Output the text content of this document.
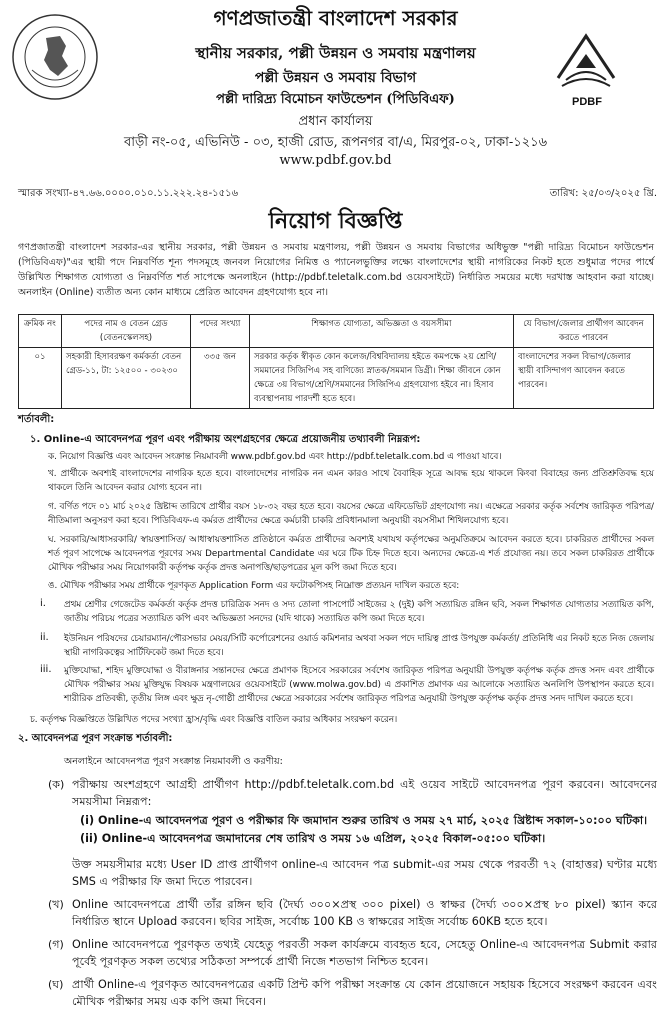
গণপ্রজাতন্ত্রী বাংলাদেশ সরকার
স্থানীয় সরকার, পল্লী উন্নয়ন ও সমবায় মন্ত্রণালয়
পল্লী উন্নয়ন ও সমবায় বিভাগ
পল্লী দারিদ্র্য বিমোচন ফাউন্ডেশন (পিডিবিএফ)
প্রধান কার্যালয়
বাড়ী নং-০৫, এভিনিউ - ০৩, হাজী রোড, রূপনগর বা/এ, মিরপুর-০২, ঢাকা-১২১৬
www.pdbf.gov.bd
PDBF
স্মারক সংখ্যা-৪৭.৬৬.০০০০.০১০.১১.২২২.২৪-১৫১৬	তারিখ: ২৫/০৩/২০২৫ খ্রি.
নিয়োগ বিজ্ঞপ্তি
গণপ্রজাতন্ত্রী বাংলাদেশ সরকার-এর স্থানীয় সরকার, পল্লী উন্নয়ন ও সমবায় মন্ত্রণালয়, পল্লী উন্নয়ন ও সমবায় বিভাগের অধিভুক্ত "পল্লী দারিদ্র্য বিমোচন ফাউন্ডেশন (পিডিবিএফ)"এর স্থায়ী পদে নিম্নবর্ণিত শূন্য পদসমূহে জনবল নিয়োগের নিমিত্ত ও প্যানেলভুক্তির লক্ষ্যে বাংলাদেশের স্থায়ী নাগরিকের নিকট হতে শুধুমাত্র পদের পার্শ্বে উল্লিখিত শিক্ষাগত যোগ্যতা ও নিম্নবর্ণিত শর্ত সাপেক্ষে অনলাইনে (http://pdbf.teletalk.com.bd ওয়েবসাইটে) নির্ধারিত সময়ের মধ্যে দরখাস্ত আহবান করা যাচ্ছে। অনলাইন (Online) ব্যতীত অন্য কোন মাধ্যমে প্রেরিত আবেদন গ্রহণযোগ্য হবে না।
ক্রমিক নং	পদের নাম ও বেতন গ্রেড (বেতনস্কেলসহ)	পদের সংখ্যা	শিক্ষাগত যোগ্যতা, অভিজ্ঞতা ও বয়সসীমা	যে বিভাগ/জেলার প্রার্থীগণ আবেদন করতে পারবেন
০১	সহকারী হিসাবরক্ষণ কর্মকর্তা বেতন গ্রেড-১১, টা: ১২৫০০ - ৩০২৩০	৩৩৫ জন	সরকার কর্তৃক স্বীকৃত কোন কলেজ/বিশ্ববিদ্যালয় হইতে কমপক্ষে ২য় শ্রেণি/সমমানের সিজিপিএ সহ বাণিজ্যে স্নাতক/সমমান ডিগ্রী। শিক্ষা জীবনে কোন ক্ষেত্রে ৩য় বিভাগ/শ্রেণি/সমমানের সিজিপিএ গ্রহণযোগ্য হইবে না। হিসাব ব্যবস্থাপনায় পারদর্শী হতে হবে।	বাংলাদেশের সকল বিভাগ/জেলার স্থায়ী বাসিন্দাগণ আবেদন করতে পারবেন।
শর্তাবলী:
১. Online-এ আবেদনপত্র পূরণ এবং পরীক্ষায় অংশগ্রহণের ক্ষেত্রে প্রয়োজনীয় তথ্যাবলী নিম্নরূপ:
ক. নিয়োগ বিজ্ঞপ্তি এবং আবেদন সংক্রান্ত নিয়মাবলী www.pdbf.gov.bd এবং http://pdbf.teletalk.com.bd এ পাওয়া যাবে।
খ. প্রার্থীকে অবশ্যই বাংলাদেশের নাগরিক হতে হবে। বাংলাদেশের নাগরিক নন এমন কারও সাথে বৈবাহিক সূত্রে আবদ্ধ হয়ে থাকলে কিংবা বিবাহের জন্য প্রতিশ্রুতিবদ্ধ হয়ে থাকলে তিনি আবেদন করার যোগ্য হবেন না।
গ. বর্ণিত পদে ০১ মার্চ ২০২৫ খ্রিষ্টাব্দ তারিখে প্রার্থীর বয়স ১৮-৩২ বছর হতে হবে। বয়সের ক্ষেত্রে এফিডেভিট গ্রহণযোগ্য নয়। এক্ষেত্রে সরকার কর্তৃক সর্বশেষ জারিকৃত পরিপত্র/ নীতিমালা অনুসরণ করা হবে। পিডিবিএফ-এ কর্মরত প্রার্থীদের ক্ষেত্রে কর্মচারী চাকরি প্রবিধানমালা অনুযায়ী বয়সসীমা শিথিলযোগ্য হবে।
ঘ. সরকারি/আধাসরকারি/ স্বায়ত্তশাসিত/ আধাস্বায়ত্তশাসিত প্রতিষ্ঠানে কর্মরত প্রার্থীদের অবশ্যই যথাযথ কর্তৃপক্ষের অনুমতিক্রমে আবেদন করতে হবে। চাকরিরত প্রার্থীদের সকল শর্ত পূরণ সাপেক্ষে আবেদনপত্র পূরণের সময় Departmental Candidate এর ঘরে টিক চিহ্ন দিতে হবে। অন্যদের ক্ষেত্রে-এ শর্ত প্রযোজ্য নয়। তবে সকল চাকরিরত প্রার্থীকে মৌখিক পরীক্ষার সময় নিয়োগকারী কর্তৃপক্ষ কর্তৃক প্রদত্ত অনাপত্তি/ছাড়পত্রের মূল কপি জমা দিতে হবে।
ঙ. মৌখিক পরীক্ষার সময় প্রার্থীকে পূরণকৃত Application Form এর ফটোকপিসহ নিম্নোক্ত প্রত্যয়ন দাখিল করতে হবে:
i. প্রথম শ্রেণীর গেজেটেড কর্মকর্তা কর্তৃক প্রদত্ত চারিত্রিক সনদ ও সদ্য তোলা পাসপোর্ট সাইজের ২ (দুই) কপি সত্যায়িত রঙ্গিন ছবি, সকল শিক্ষাগত যোগ্যতার সত্যায়িত কপি, জাতীয় পরিচয় পত্রের সত্যায়িত কপি এবং অভিজ্ঞতা সনদের (যদি থাকে) সত্যায়িত কপি জমা দিতে হবে।
ii. ইউনিয়ন পরিষদের চেয়ারম্যান/পৌরসভার মেয়র/সিটি কর্পোরেশনের ওয়ার্ড কমিশনার অথবা সকল পদে দায়িত্ব প্রাপ্ত উপযুক্ত কর্মকর্তা/ প্রতিনিধি এর নিকট হতে নিজ জেলায় স্থায়ী নাগরিকত্বের সার্টিফিকেট জমা দিতে হবে।
iii. মুক্তিযোদ্ধা, শহিদ মুক্তিযোদ্ধা ও বীরাঙ্গনার সন্তানদের ক্ষেত্রে প্রমাণক হিসেবে সরকারের সর্বশেষ জারিকৃত পরিপত্র অনুযায়ী উপযুক্ত কর্তৃপক্ষ কর্তৃক প্রদত্ত সনদ এবং প্রার্থীকে মৌখিক পরীক্ষার সময় মুক্তিযুদ্ধ বিষয়ক মন্ত্রণালয়ের ওয়েবসাইটে (www.molwa.gov.bd) এ প্রকাশিত প্রমাণক এর আলোকে সত্যায়িত অনলিপি উপস্থাপন করতে হবে। শারীরিক প্রতিবন্ধী, তৃতীয় লিঙ্গ এবং ক্ষুদ্র নৃ-গোষ্ঠী প্রার্থীদের ক্ষেত্রে সরকারের সর্বশেষ জারিকৃত পরিপত্র অনুযায়ী উপযুক্ত কর্তৃপক্ষ কর্তৃক প্রদত্ত সনদ দাখিল করতে হবে।
চ. কর্তৃপক্ষ বিজ্ঞপ্তিতে উল্লিখিত পদের সংখ্যা হ্রাস/বৃদ্ধি এবং বিজ্ঞপ্তি বাতিল করার অধিকার সংরক্ষণ করেন।
২. আবেদনপত্র পূরণ সংক্রান্ত শর্তাবলী:
অনলাইনে আবেদনপত্র পূরণ সংক্রান্ত নিয়মাবলী ও করণীয়:
(ক) পরীক্ষায় অংশগ্রহণে আগ্রহী প্রার্থীগণ http://pdbf.teletalk.com.bd এই ওয়েব সাইটে আবেদনপত্র পূরণ করবেন। আবেদনের সময়সীমা নিম্নরূপ:
(i) Online-এ আবেদনপত্র পূরণ ও পরীক্ষার ফি জমাদান শুরুর তারিখ ও সময় ২৭ মার্চ, ২০২৫ খ্রিষ্টাব্দ সকাল-১০:০০ ঘটিকা।
(ii) Online-এ আবেদনপত্র জমাদানের শেষ তারিখ ও সময় ১৬ এপ্রিল, ২০২৫ বিকাল-০৫:০০ ঘটিকা।
উক্ত সময়সীমার মধ্যে User ID প্রাপ্ত প্রার্থীগণ online-এ আবেদন পত্র submit-এর সময় থেকে পরবর্তী ৭২ (বাহাত্তর) ঘণ্টার মধ্যে SMS এ পরীক্ষার ফি জমা দিতে পারবেন।
(খ) Online আবেদনপত্রে প্রার্থী তাঁর রঙ্গিন ছবি (দৈর্ঘ্য ৩০০×প্রস্থ ৩০০ pixel) ও স্বাক্ষর (দৈর্ঘ্য ৩০০×প্রস্থ ৮০ pixel) স্ক্যান করে নির্ধারিত স্থানে Upload করবেন। ছবির সাইজ, সর্বোচ্চ 100 KB ও স্বাক্ষরের সাইজ সর্বোচ্চ 60KB হতে হবে।
(গ) Online আবেদনপত্রে পূরণকৃত তথ্যই যেহেতু পরবর্তী সকল কার্যক্রমে ব্যবহৃত হবে, সেহেতু Online-এ আবেদনপত্র Submit করার পূর্বেই পূরণকৃত সকল তথ্যের সঠিকতা সম্পর্কে প্রার্থী নিজে শতভাগ নিশ্চিত হবেন।
(ঘ) প্রার্থী Online-এ পূরণকৃত আবেদনপত্রের একটি প্রিন্ট কপি পরীক্ষা সংক্রান্ত যে কোন প্রয়োজনে সহায়ক হিসেবে সংরক্ষণ করবেন এবং মৌখিক পরীক্ষার সময় এক কপি জমা দিবেন।
